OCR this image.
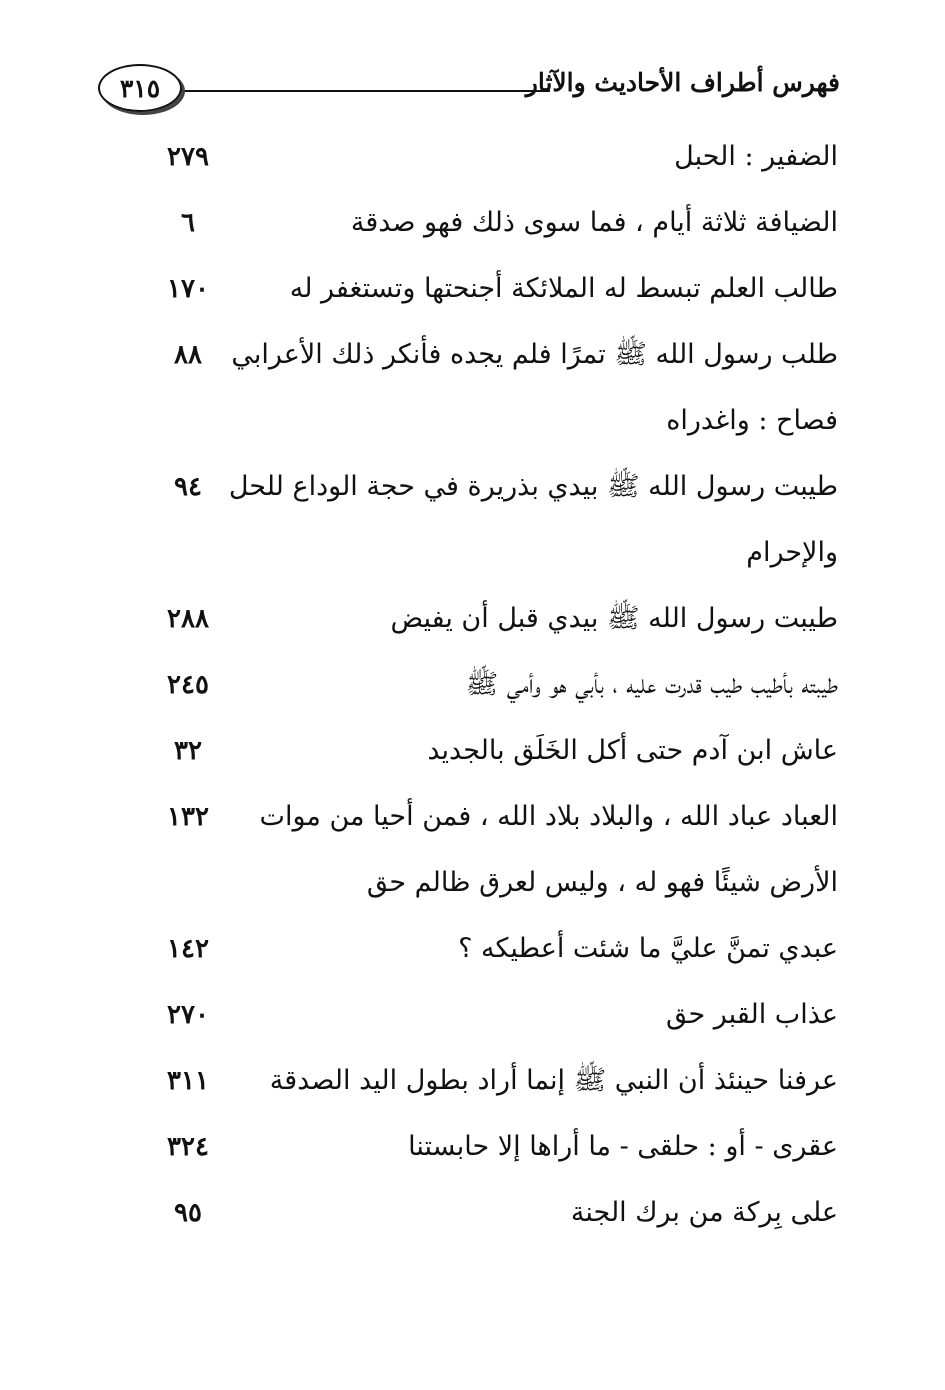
فهرس أطراف الأحاديث والآثار
٣١٥
الضفير : الحبل
٢٧٩
الضيافة ثلاثة أيام ، فما سوى ذلك فهو صدقة
٦
طالب العلم تبسط له الملائكة أجنحتها وتستغفر له
١٧٠
طلب رسول الله ﷺ تمرًا فلم يجده فأنكر ذلك الأعرابي
فصاح : واغدراه
٨٨
طيبت رسول الله ﷺ بيدي بذريرة في حجة الوداع للحل
والإحرام
٩٤
طيبت رسول الله ﷺ بيدي قبل أن يفيض
٢٨٨
طيبته بأطيب طيب قدرت عليه ، بأبي هو وأمي ﷺ
٢٤٥
عاش ابن آدم حتى أكل الخَلَق بالجديد
٣٢
العباد عباد الله ، والبلاد بلاد الله ، فمن أحيا من موات
الأرض شيئًا فهو له ، وليس لعرق ظالم حق
١٣٢
عبدي تمنَّ عليَّ ما شئت أعطيكه ؟
١٤٢
عذاب القبر حق
٢٧٠
عرفنا حينئذ أن النبي ﷺ إنما أراد بطول اليد الصدقة
٣١١
عقرى - أو : حلقى - ما أراها إلا حابستنا
٣٢٤
على بِركة من برك الجنة
٩٥
